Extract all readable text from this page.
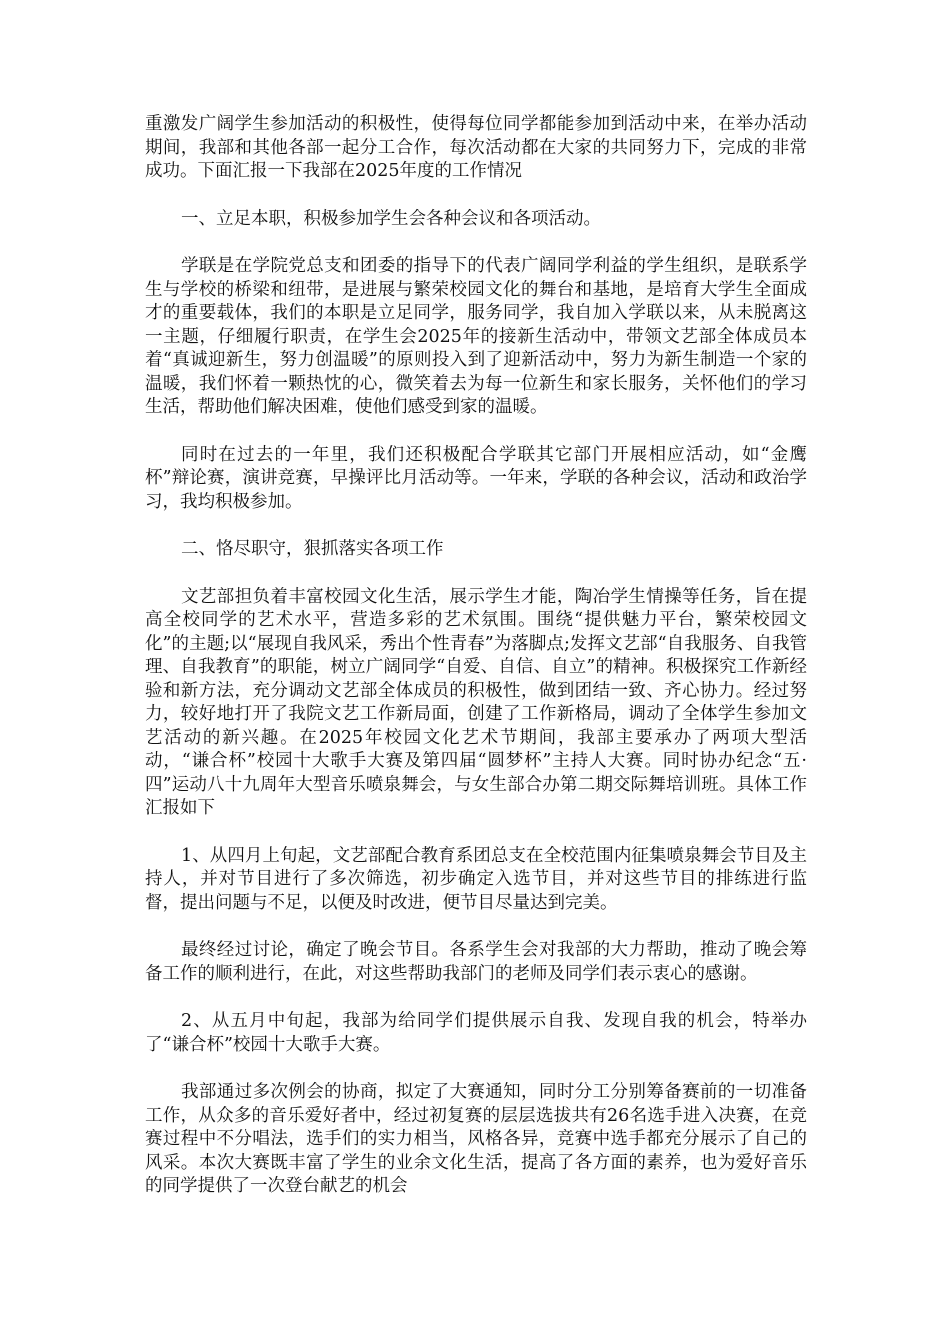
重激发广阔学生参加活动的积极性，使得每位同学都能参加到活动中来，在举办活动期间，我部和其他各部一起分工合作，每次活动都在大家的共同努力下，完成的非常成功。下面汇报一下我部在2025年度的工作情况

一、立足本职，积极参加学生会各种会议和各项活动。

学联是在学院党总支和团委的指导下的代表广阔同学利益的学生组织，是联系学生与学校的桥梁和纽带，是进展与繁荣校园文化的舞台和基地，是培育大学生全面成才的重要载体，我们的本职是立足同学，服务同学，我自加入学联以来，从未脱离这一主题，仔细履行职责，在学生会2025年的接新生活动中，带领文艺部全体成员本着“真诚迎新生，努力创温暖”的原则投入到了迎新活动中，努力为新生制造一个家的温暖，我们怀着一颗热忱的心，微笑着去为每一位新生和家长服务，关怀他们的学习生活，帮助他们解决困难，使他们感受到家的温暖。

同时在过去的一年里，我们还积极配合学联其它部门开展相应活动，如“金鹰杯”辩论赛，演讲竞赛，早操评比月活动等。一年来，学联的各种会议，活动和政治学习，我均积极参加。

二、恪尽职守，狠抓落实各项工作

文艺部担负着丰富校园文化生活，展示学生才能，陶冶学生情操等任务，旨在提高全校同学的艺术水平，营造多彩的艺术氛围。围绕“提供魅力平台，繁荣校园文化”的主题;以“展现自我风采，秀出个性青春”为落脚点;发挥文艺部“自我服务、自我管理、自我教育”的职能，树立广阔同学“自爱、自信、自立”的精神。积极探究工作新经验和新方法，充分调动文艺部全体成员的积极性，做到团结一致、齐心协力。经过努力，较好地打开了我院文艺工作新局面，创建了工作新格局，调动了全体学生参加文艺活动的新兴趣。在2025年校园文化艺术节期间，我部主要承办了两项大型活动，“谦合杯”校园十大歌手大赛及第四届“圆梦杯”主持人大赛。同时协办纪念“五·四”运动八十九周年大型音乐喷泉舞会，与女生部合办第二期交际舞培训班。具体工作汇报如下

1、从四月上旬起，文艺部配合教育系团总支在全校范围内征集喷泉舞会节目及主持人，并对节目进行了多次筛选，初步确定入选节目，并对这些节目的排练进行监督，提出问题与不足，以便及时改进，便节目尽量达到完美。

最终经过讨论，确定了晚会节目。各系学生会对我部的大力帮助，推动了晚会筹备工作的顺利进行，在此，对这些帮助我部门的老师及同学们表示衷心的感谢。

2、从五月中旬起，我部为给同学们提供展示自我、发现自我的机会，特举办了“谦合杯”校园十大歌手大赛。

我部通过多次例会的协商，拟定了大赛通知，同时分工分别筹备赛前的一切准备工作，从众多的音乐爱好者中，经过初复赛的层层选拔共有26名选手进入决赛，在竞赛过程中不分唱法，选手们的实力相当，风格各异，竞赛中选手都充分展示了自己的风采。本次大赛既丰富了学生的业余文化生活，提高了各方面的素养，也为爱好音乐的同学提供了一次登台献艺的机会
